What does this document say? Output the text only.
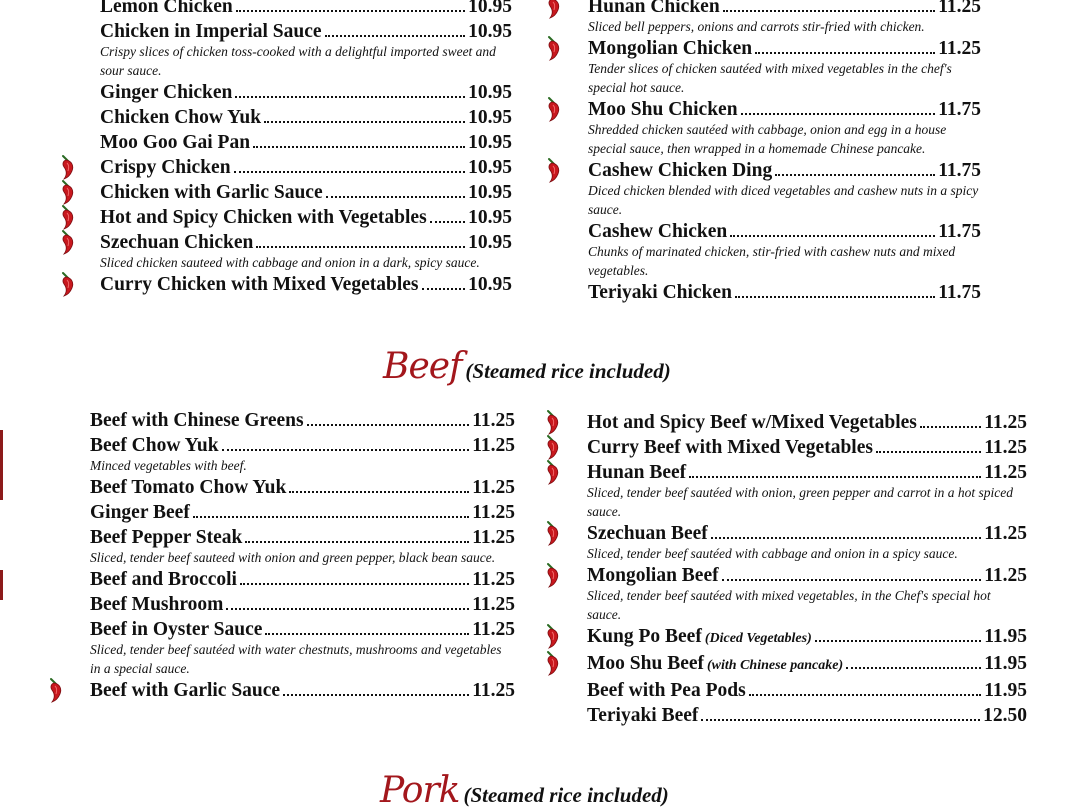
Lemon Chicken	10.95
Chicken in Imperial Sauce	10.95
Crispy slices of chicken toss-cooked with a delightful imported sweet and sour sauce.
Ginger Chicken	10.95
Chicken Chow Yuk	10.95
Moo Goo Gai Pan	10.95
Crispy Chicken	10.95
Chicken with Garlic Sauce	10.95
Hot and Spicy Chicken with Vegetables 10.95
Szechuan Chicken	10.95
Sliced chicken sauteed with cabbage and onion in a dark, spicy sauce.
Curry Chicken with Mixed Vegetables	10.95
Hunan Chicken	11.25
Sliced bell peppers, onions and carrots stir-fried with chicken.
Mongolian Chicken	11.25
Tender slices of chicken sautéed with mixed vegetables in the chef's special hot sauce.
Moo Shu Chicken	11.75
Shredded chicken sautéed with cabbage, onion and egg in a house special sauce, then wrapped in a homemade Chinese pancake.
Cashew Chicken Ding	11.75
Diced chicken blended with diced vegetables and cashew nuts in a spicy sauce.
Cashew Chicken	11.75
Chunks of marinated chicken, stir-fried with cashew nuts and mixed vegetables.
Teriyaki Chicken	11.75
Beef (Steamed rice included)
Beef with Chinese Greens	11.25
Beef Chow Yuk	11.25
Minced vegetables with beef.
Beef Tomato Chow Yuk	11.25
Ginger Beef	11.25
Beef Pepper Steak	11.25
Sliced, tender beef sauteed with onion and green pepper, black bean sauce.
Beef and Broccoli	11.25
Beef Mushroom	11.25
Beef in Oyster Sauce	11.25
Sliced, tender beef sautéed with water chestnuts, mushrooms and vegetables in a special sauce.
Beef with Garlic Sauce	11.25
Hot and Spicy Beef w/Mixed Vegetables	11.25
Curry Beef with Mixed Vegetables	11.25
Hunan Beef	11.25
Sliced, tender beef sautéed with onion, green pepper and carrot in a hot spiced sauce.
Szechuan Beef	11.25
Sliced, tender beef sautéed with cabbage and onion in a spicy sauce.
Mongolian Beef	11.25
Sliced, tender beef sautéed with mixed vegetables, in the Chef's special hot sauce.
Kung Po Beef (Diced Vegetables)	11.95
Moo Shu Beef (with Chinese pancake)	11.95
Beef with Pea Pods	11.95
Teriyaki Beef	12.50
Pork (Steamed rice included)
